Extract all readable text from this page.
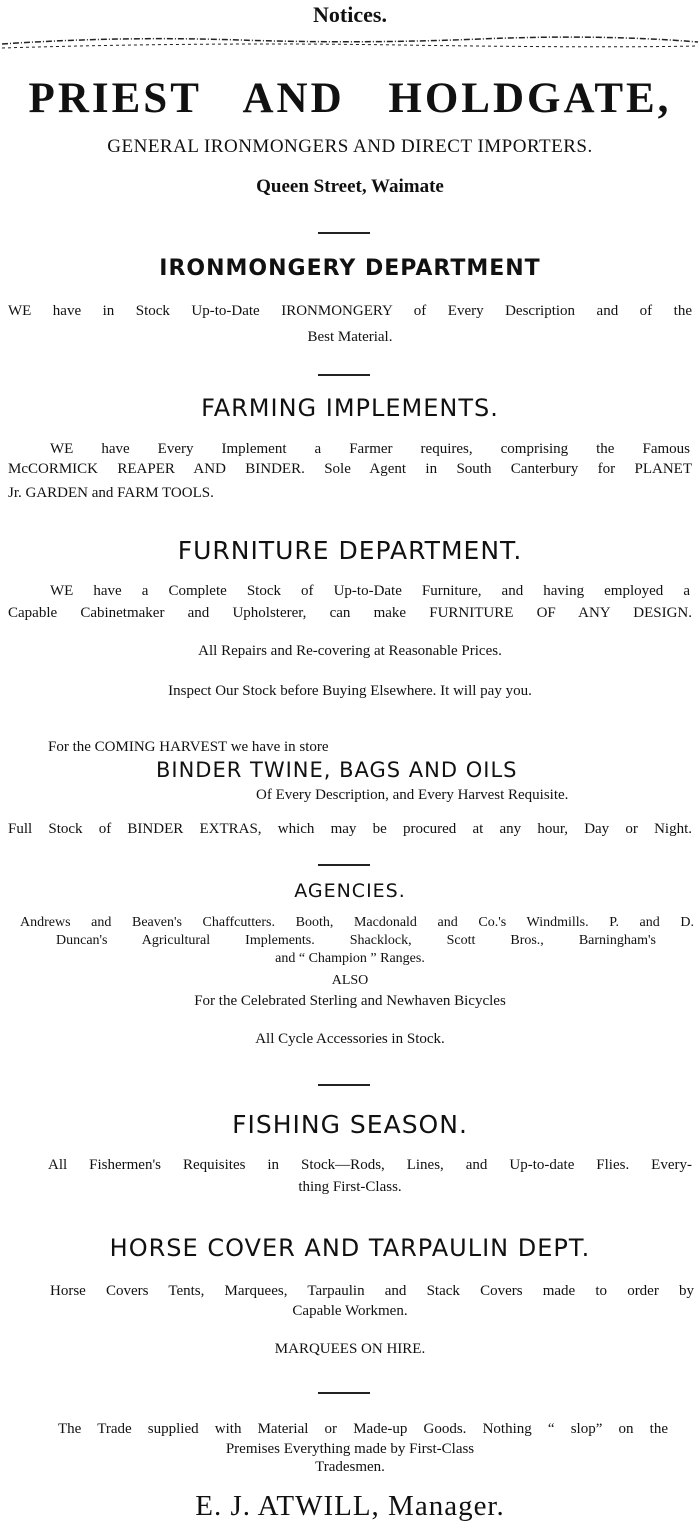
Notices.
PRIEST AND HOLDGATE,
GENERAL IRONMONGERS AND DIRECT IMPORTERS.
Queen Street, Waimate
IRONMONGERY DEPARTMENT
WE have in Stock Up-to-Date IRONMONGERY of Every Description and of the
Best Material.
FARMING IMPLEMENTS.
WE have Every Implement a Farmer requires, comprising the Famous
McCORMICK REAPER AND BINDER. Sole Agent in South Canterbury for PLANET
Jr. GARDEN and FARM TOOLS.
FURNITURE DEPARTMENT.
WE have a Complete Stock of Up-to-Date Furniture, and having employed a
Capable Cabinetmaker and Upholsterer, can make FURNITURE OF ANY DESIGN.
All Repairs and Re-covering at Reasonable Prices.
Inspect Our Stock before Buying Elsewhere. It will pay you.
For the COMING HARVEST we have in store
BINDER TWINE, BAGS AND OILS
Of Every Description, and Every Harvest Requisite.
Full Stock of BINDER EXTRAS, which may be procured at any hour, Day or Night.
AGENCIES.
Andrews and Beaven's Chaffcutters. Booth, Macdonald and Co.'s Windmills. P. and D.
Duncan's Agricultural Implements. Shacklock, Scott Bros., Barningham's
and “ Champion ” Ranges.
ALSO
For the Celebrated Sterling and Newhaven Bicycles
All Cycle Accessories in Stock.
FISHING SEASON.
All Fishermen's Requisites in Stock—Rods, Lines, and Up-to-date Flies. Every-
thing First-Class.
HORSE COVER AND TARPAULIN DEPT.
Horse Covers Tents, Marquees, Tarpaulin and Stack Covers made to order by
Capable Workmen.
MARQUEES ON HIRE.
The Trade supplied with Material or Made-up Goods. Nothing “ slop” on the
Premises Everything made by First-Class
Tradesmen.
E. J. ATWILL, Manager.
